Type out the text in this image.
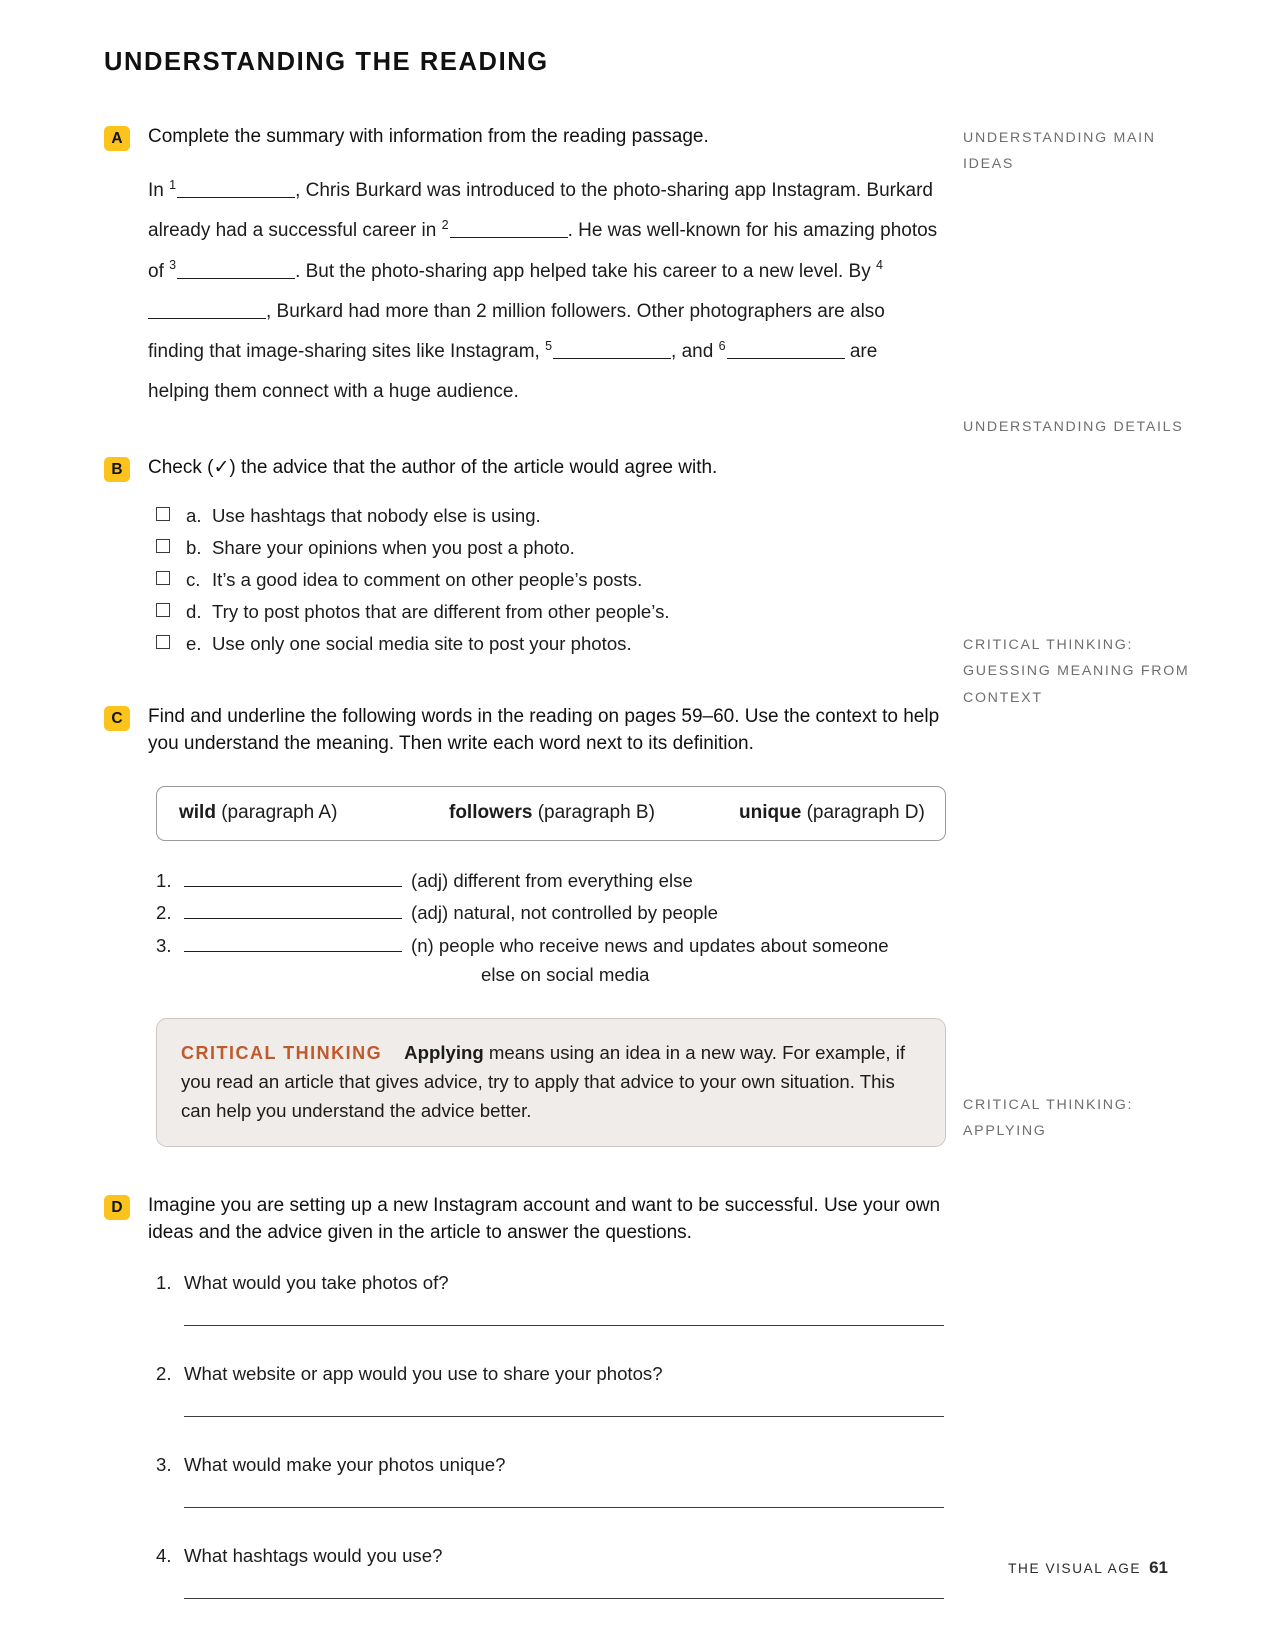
UNDERSTANDING THE READING
A	Complete the summary with information from the reading passage.

In $^1$	, Chris Burkard was introduced to the photo-sharing app Instagram. Burkard already had a successful career in $^2$	. He was well-known for his amazing photos of $^3$	. But the photo-sharing app helped take his career to a new level. By $^4$, Burkard had more than 2 million followers. Other photographers are also finding that image-sharing sites like Instagram, $^5$	, and $^6$	are helping them connect with a huge audience.

B	Check (✓) the advice that the author of the article would agree with.
a. Use hashtags that nobody else is using.
b. Share your opinions when you post a photo.
c. It’s a good idea to comment on other people’s posts.
d. Try to post photos that are different from other people’s.
e. Use only one social media site to post your photos.
C	Find and underline the following words in the reading on pages 59–60. Use the context to help you understand the meaning. Then write each word next to its definition.
wild (paragraph A)	followers (paragraph B)	unique (paragraph D)
1.	(adj) different from everything else
2.	(adj) natural, not controlled by people
3.	(n) people who receive news and updates about someone
else on social media
CRITICAL THINKING Applying means using an idea in a new way. For example, if you read an article that gives advice, try to apply that advice to your own situation. This can help you understand the advice better.
D	Imagine you are setting up a new Instagram account and want to be successful. Use your own ideas and the advice given in the article to answer the questions.
1. What would you take photos of?
2. What website or app would you use to share your photos?
3. What would make your photos unique?
4. What hashtags would you use?
UNDERSTANDING MAIN IDEAS
UNDERSTANDING DETAILS
CRITICAL THINKING: GUESSING MEANING FROM CONTEXT
CRITICAL THINKING: APPLYING
THE VISUAL AGE 61
